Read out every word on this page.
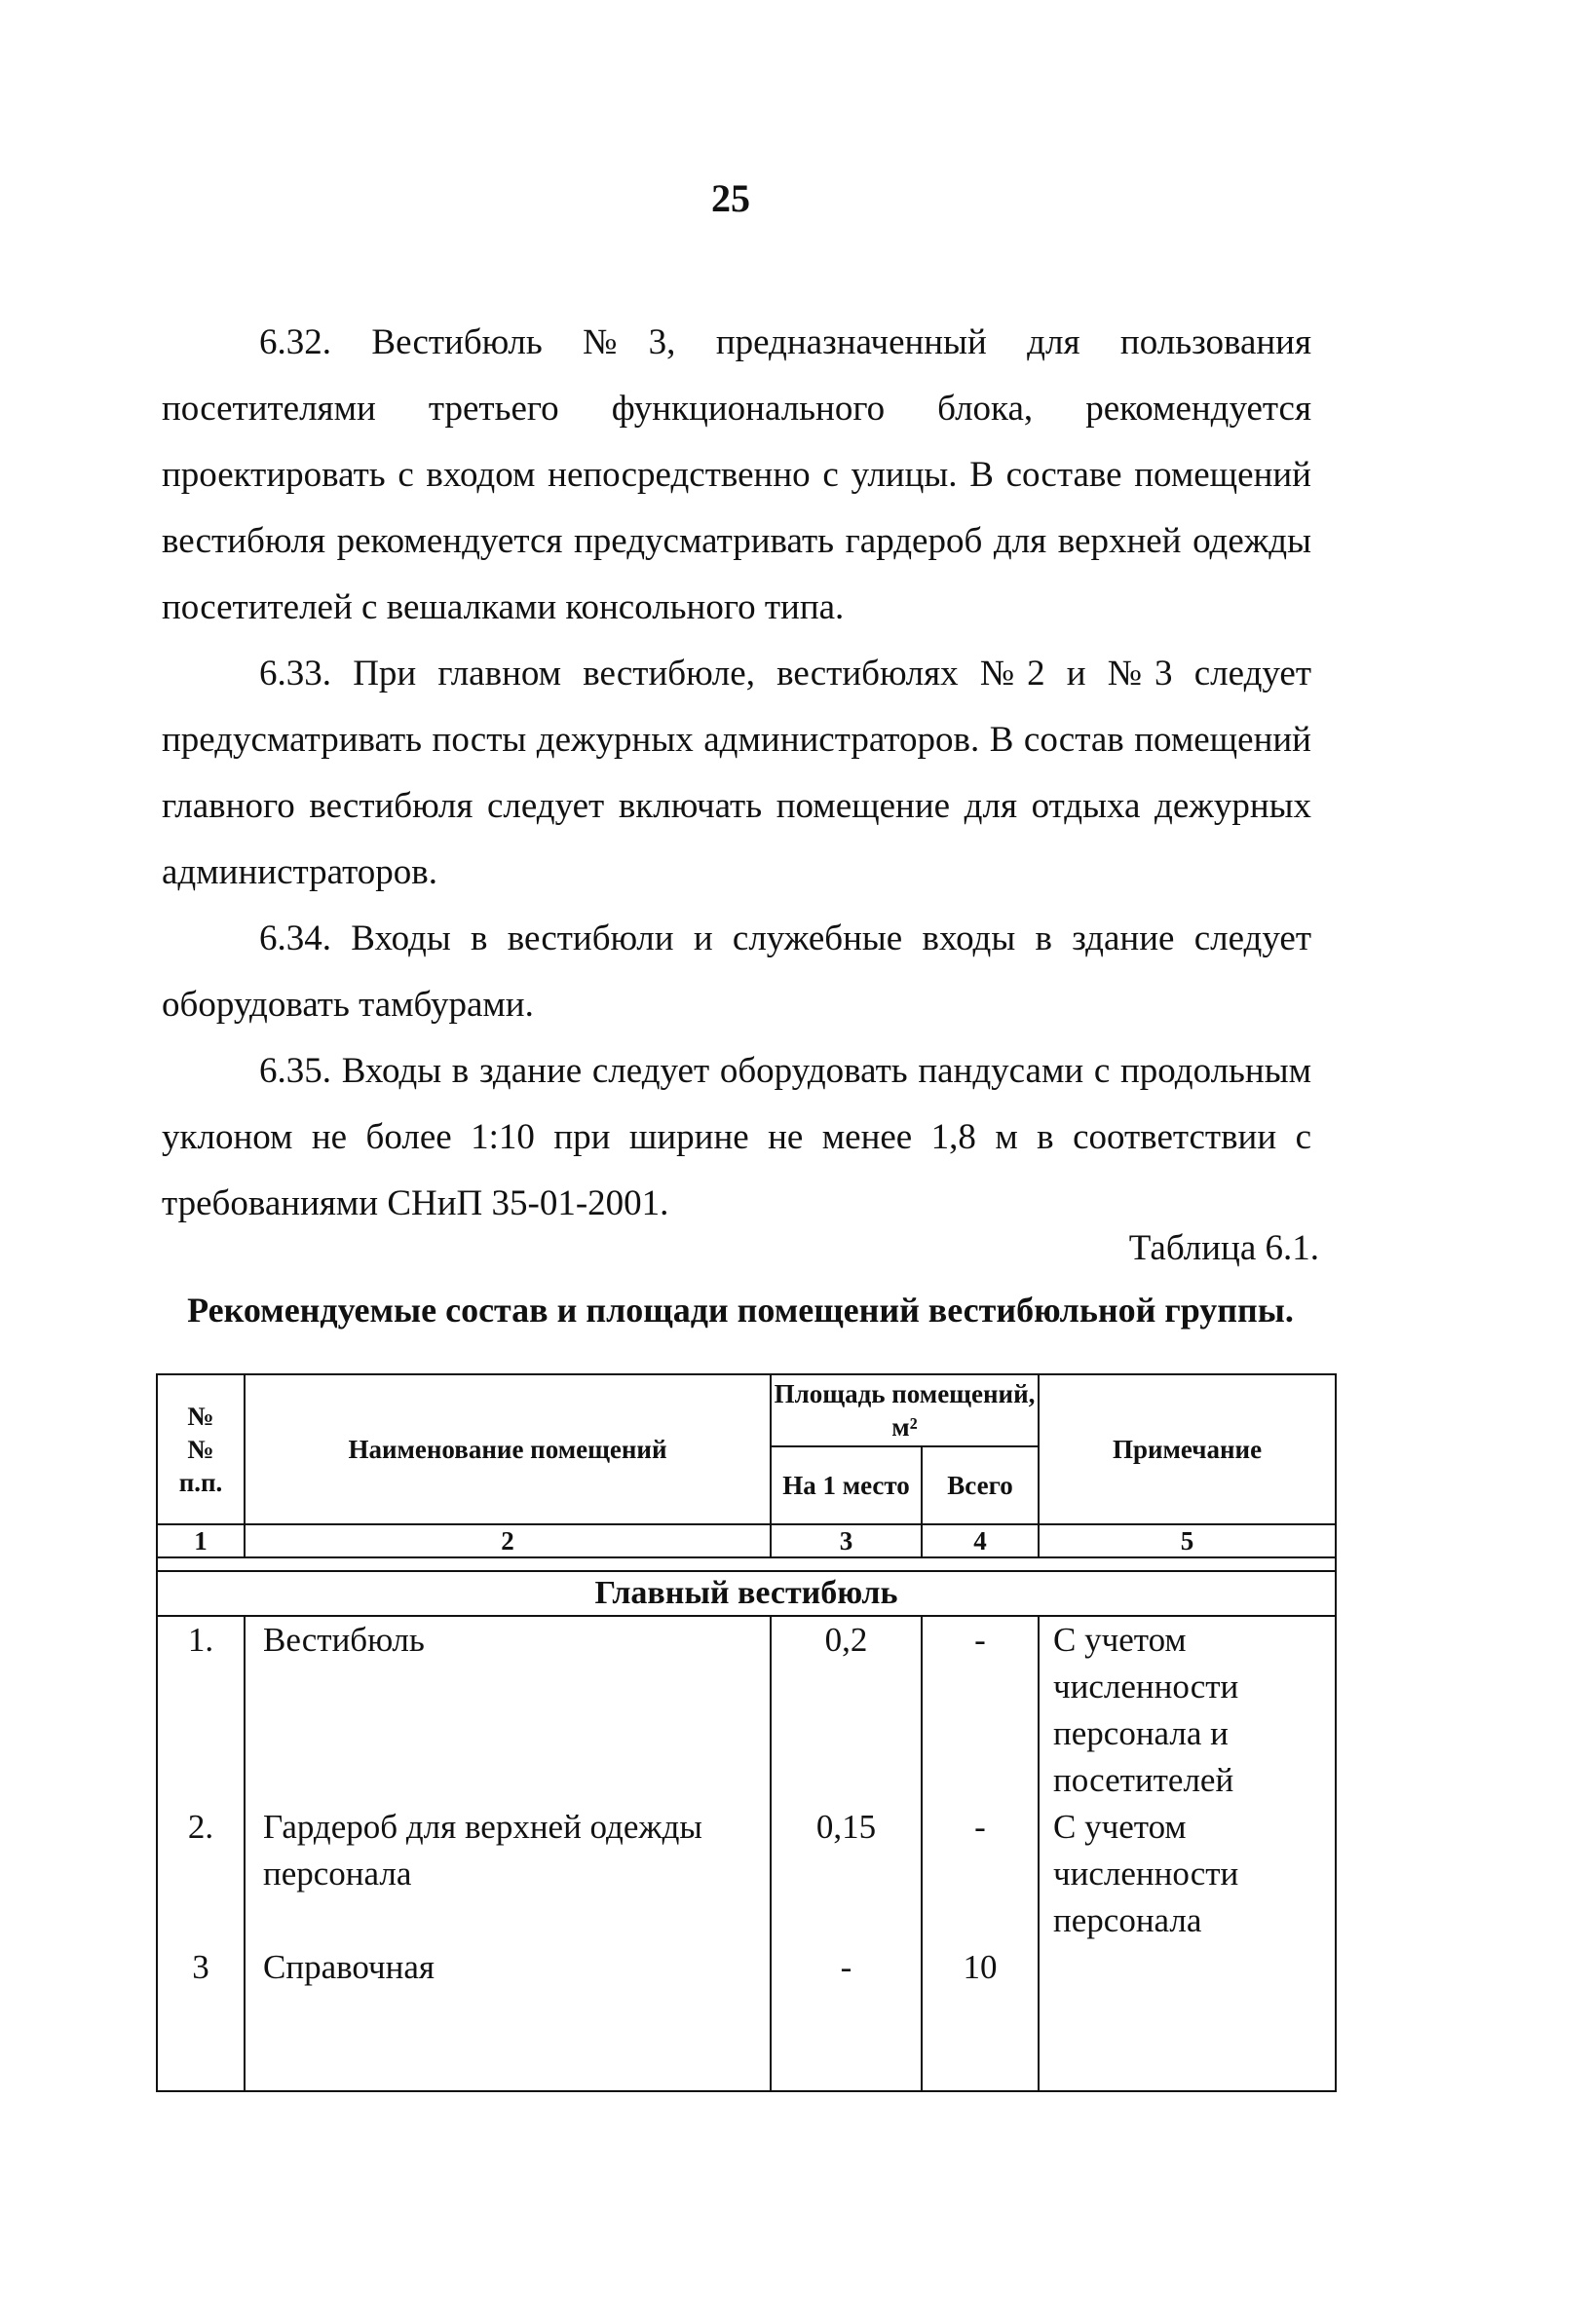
25

6.32. Вестибюль №3, предназначенный для пользования посетителями третьего функционального блока, рекомендуется проектировать с входом непосредственно с улицы. В составе помещений вестибюля рекомендуется предусматривать гардероб для верхней одежды посетителей с вешалками консольного типа.

6.33. При главном вестибюле, вестибюлях №2 и №3 следует предусматривать посты дежурных администраторов. В состав помещений главного вестибюля следует включать помещение для отдыха дежурных администраторов.

6.34. Входы в вестибюли и служебные входы в здание следует оборудовать тамбурами.

6.35. Входы в здание следует оборудовать пандусами с продольным уклоном не более 1:10 при ширине не менее 1,8 м в соответствии с требованиями СНиП 35-01-2001.

Таблица 6.1.
Рекомендуемые состав и площади помещений вестибюльной группы.
№
№
п.п.	Наименование помещений	Площадь помещений, м²		Примечание
		На 1 место	Всего	
1	2	3	4	5

Главный вестибюль				
1.	Вестибюль	0,2	-	С учетом численности персонала и посетителей
2.	Гардероб для верхней одежды персонала	0,15	-	С учетом численности персонала
3	Справочная	-	10	
